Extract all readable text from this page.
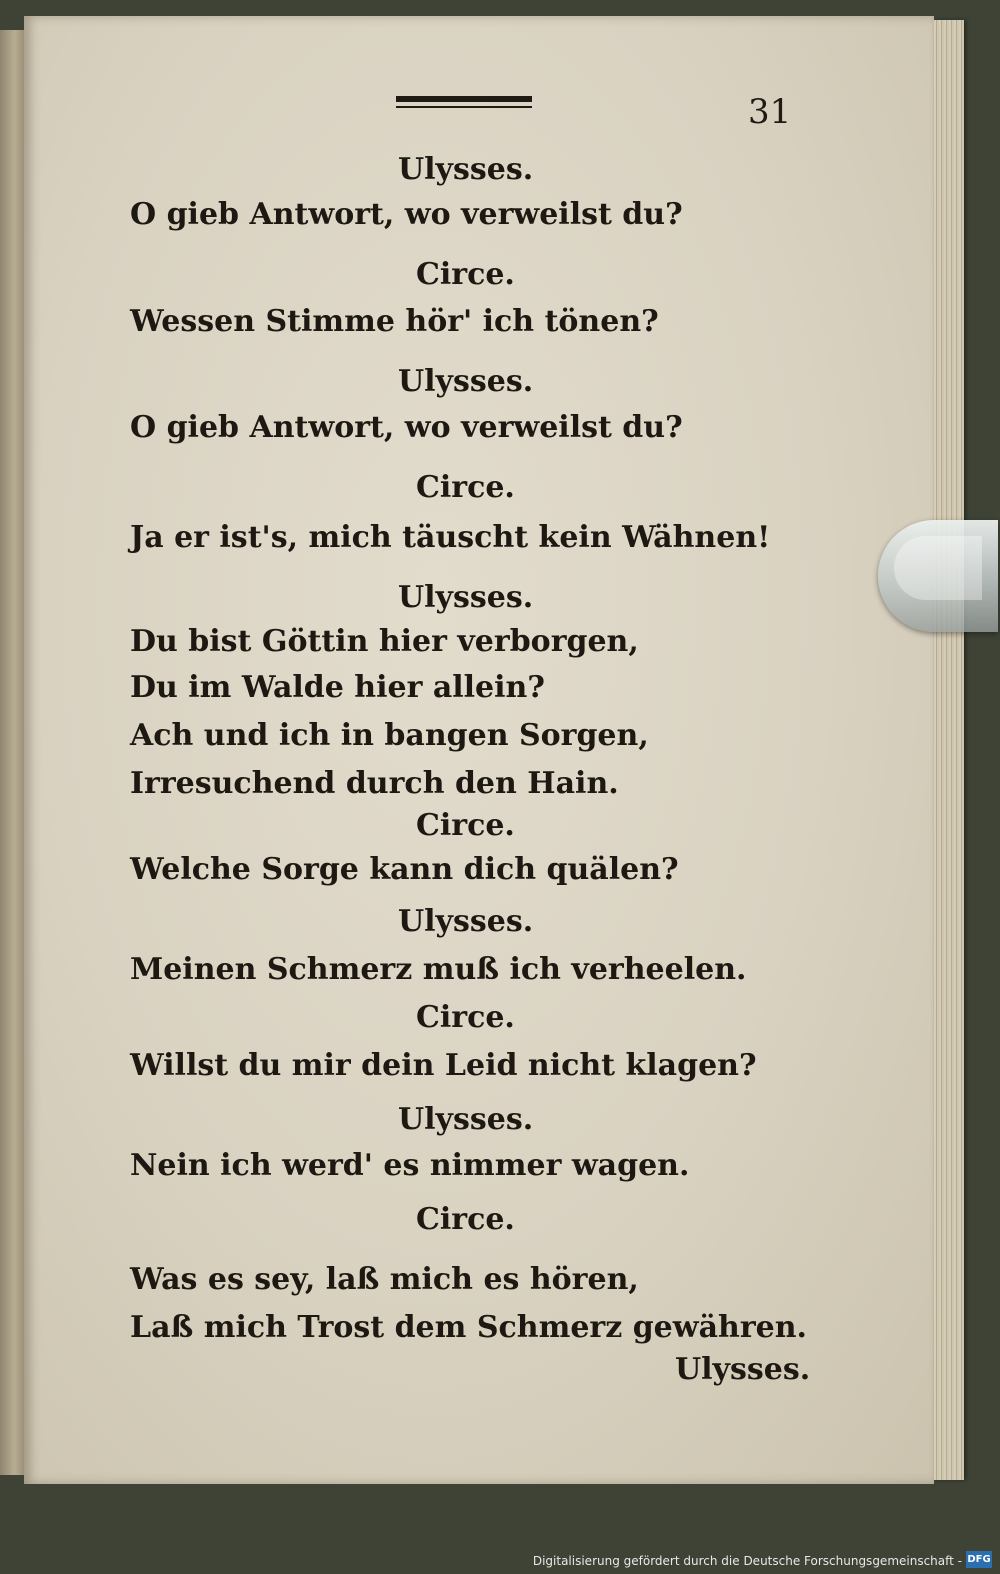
31
Ulysses.
O gieb Antwort, wo verweilst du?
Circe.
Wessen Stimme hör' ich tönen?
Ulysses.
O gieb Antwort, wo verweilst du?
Circe.
Ja er ist's, mich täuscht kein Wähnen!
Ulysses.
Du bist Göttin hier verborgen,
Du im Walde hier allein?
Ach und ich in bangen Sorgen,
Irresuchend durch den Hain.
Circe.
Welche Sorge kann dich quälen?
Ulysses.
Meinen Schmerz muß ich verheelen.
Circe.
Willst du mir dein Leid nicht klagen?
Ulysses.
Nein ich werd' es nimmer wagen.
Circe.
Was es sey, laß mich es hören,
Laß mich Trost dem Schmerz gewähren.
Ulysses.
Digitalisierung gefördert durch die Deutsche Forschungsgemeinschaft - DFG
